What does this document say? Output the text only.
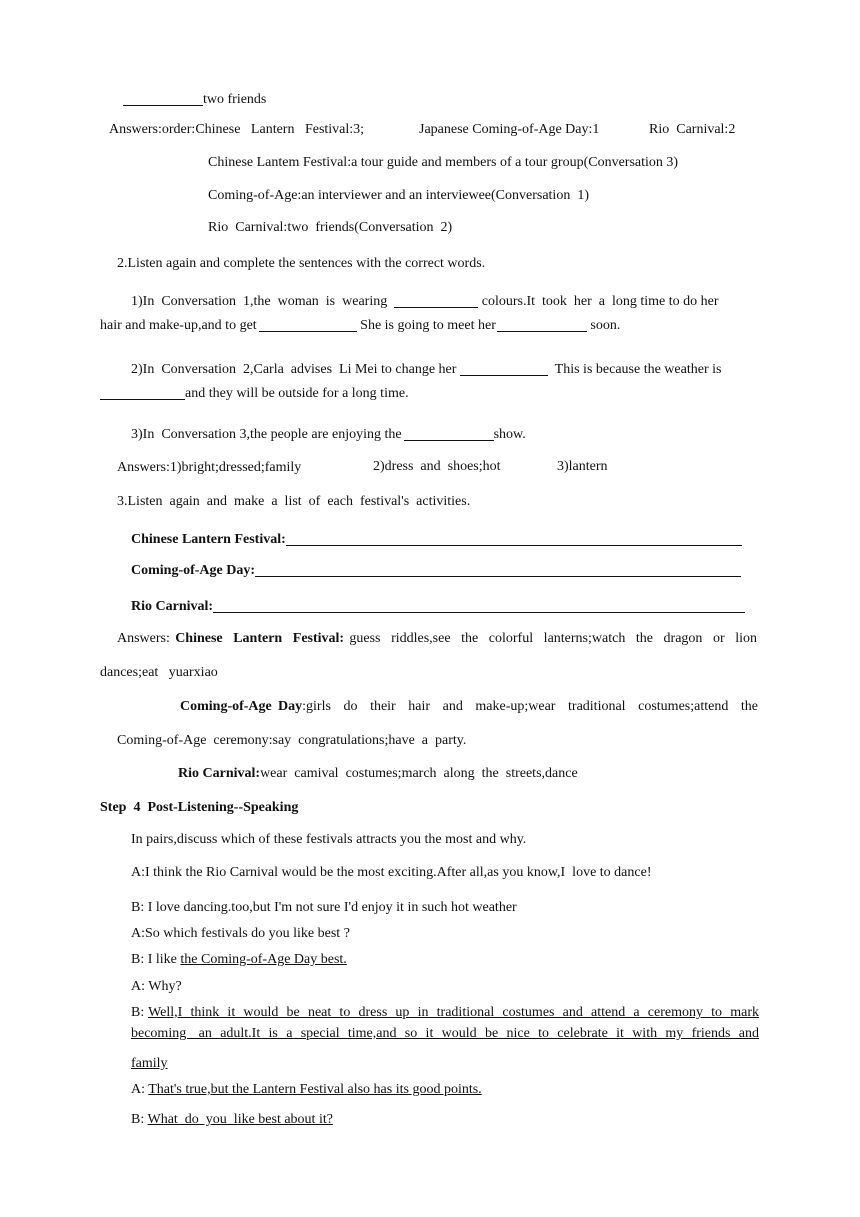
two friends
Answers:order:Chinese   Lantern   Festival:3;	Japanese Coming-of-Age Day:1	Rio  Carnival:2
Chinese Lantem Festival:a tour guide and members of a tour group(Conversation 3)
Coming-of-Age:an interviewer and an interviewee(Conversation  1)
Rio  Carnival:two  friends(Conversation  2)
2.Listen again and complete the sentences with the correct words.
1)In  Conversation  1,the  woman  is  wearing	colours.It  took  her  a  long time to do her
hair and make-up,and to get	She is going to meet her	soon.
2)In  Conversation  2,Carla  advises  Li Mei to change her	This is because the weather is
and they will be outside for a long time.
3)In  Conversation 3,the people are enjoying the	show.
Answers:1)bright;dressed;family	2)dress  and  shoes;hot	3)lantern
3.Listen  again  and  make  a  list  of  each  festival's  activities.
Chinese Lantern Festival:
Coming-of-Age Day:
Rio Carnival:
Answers: Chinese  Lantern  Festival: guess  riddles,see  the  colorful  lanterns;watch  the  dragon  or  lion
dances;eat   yuarxiao
Coming-of-Age Day:girls  do  their  hair  and  make-up;wear  traditional  costumes;attend  the
Coming-of-Age  ceremony:say  congratulations;have  a  party.
Rio Carnival:wear  camival  costumes;march  along  the  streets,dance
Step  4  Post-Listening--Speaking
In pairs,discuss which of these festivals attracts you the most and why.
A:I think the Rio Carnival would be the most exciting.After all,as you know,I  love to dance!
B: I love dancing.too,but I'm not sure I'd enjoy it in such hot weather
A:So which festivals do you like best ?
B: I like the Coming-of-Age Day best.
A: Why?
B: Well,I  think  it  would  be  neat  to  dress  up  in  traditional  costumes  and  attend  a  ceremony  to  mark
becoming   an  adult.It  is  a  special  time,and  so  it  would  be  nice  to  celebrate  it  with  my  friends  and
family
A: That's true,but the Lantern Festival also has its good points.
B: What  do  you  like best about it?
